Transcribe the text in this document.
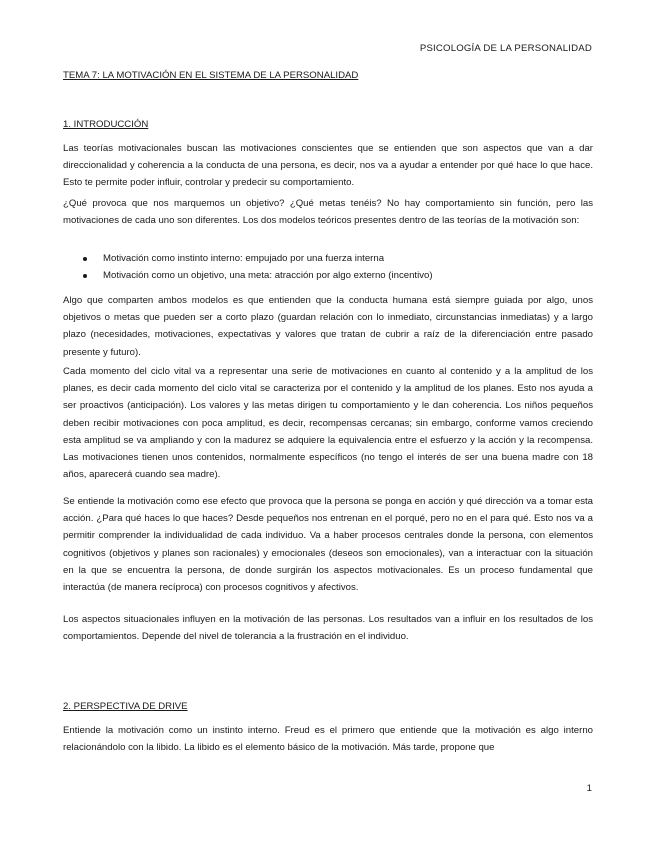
PSICOLOGÍA DE LA PERSONALIDAD
TEMA 7: LA MOTIVACIÓN EN EL SISTEMA DE LA PERSONALIDAD
1. INTRODUCCIÓN

Las teorías motivacionales buscan las motivaciones conscientes que se entienden que son aspectos que van a dar direccionalidad y coherencia a la conducta de una persona, es decir, nos va a ayudar a entender por qué hace lo que hace. Esto te permite poder influir, controlar y predecir su comportamiento.

¿Qué provoca que nos marquemos un objetivo? ¿Qué metas tenéis? No hay comportamiento sin función, pero las motivaciones de cada uno son diferentes. Los dos modelos teóricos presentes dentro de las teorías de la motivación son:

Motivación como instinto interno: empujado por una fuerza interna
Motivación como un objetivo, una meta: atracción por algo externo (incentivo)

Algo que comparten ambos modelos es que entienden que la conducta humana está siempre guiada por algo, unos objetivos o metas que pueden ser a corto plazo (guardan relación con lo inmediato, circunstancias inmediatas) y a largo plazo (necesidades, motivaciones, expectativas y valores que tratan de cubrir a raíz de la diferenciación entre pasado presente y futuro).

Cada momento del ciclo vital va a representar una serie de motivaciones en cuanto al contenido y a la amplitud de los planes, es decir cada momento del ciclo vital se caracteriza por el contenido y la amplitud de los planes. Esto nos ayuda a ser proactivos (anticipación). Los valores y las metas dirigen tu comportamiento y le dan coherencia. Los niños pequeños deben recibir motivaciones con poca amplitud, es decir, recompensas cercanas; sin embargo, conforme vamos creciendo esta amplitud se va ampliando y con la madurez se adquiere la equivalencia entre el esfuerzo y la acción y la recompensa. Las motivaciones tienen unos contenidos, normalmente específicos (no tengo el interés de ser una buena madre con 18 años, aparecerá cuando sea madre).

Se entiende la motivación como ese efecto que provoca que la persona se ponga en acción y qué dirección va a tomar esta acción. ¿Para qué haces lo que haces? Desde pequeños nos entrenan en el porqué, pero no en el para qué. Esto nos va a permitir comprender la individualidad de cada individuo. Va a haber procesos centrales donde la persona, con elementos cognitivos (objetivos y planes son racionales) y emocionales (deseos son emocionales), van a interactuar con la situación en la que se encuentra la persona, de donde surgirán los aspectos motivacionales. Es un proceso fundamental que interactúa (de manera recíproca) con procesos cognitivos y afectivos.

Los aspectos situacionales influyen en la motivación de las personas. Los resultados van a influir en los resultados de los comportamientos. Depende del nivel de tolerancia a la frustración en el individuo.

2. PERSPECTIVA DE DRIVE

Entiende la motivación como un instinto interno. Freud es el primero que entiende que la motivación es algo interno relacionándolo con la libido. La libido es el elemento básico de la motivación. Más tarde, propone que

1
